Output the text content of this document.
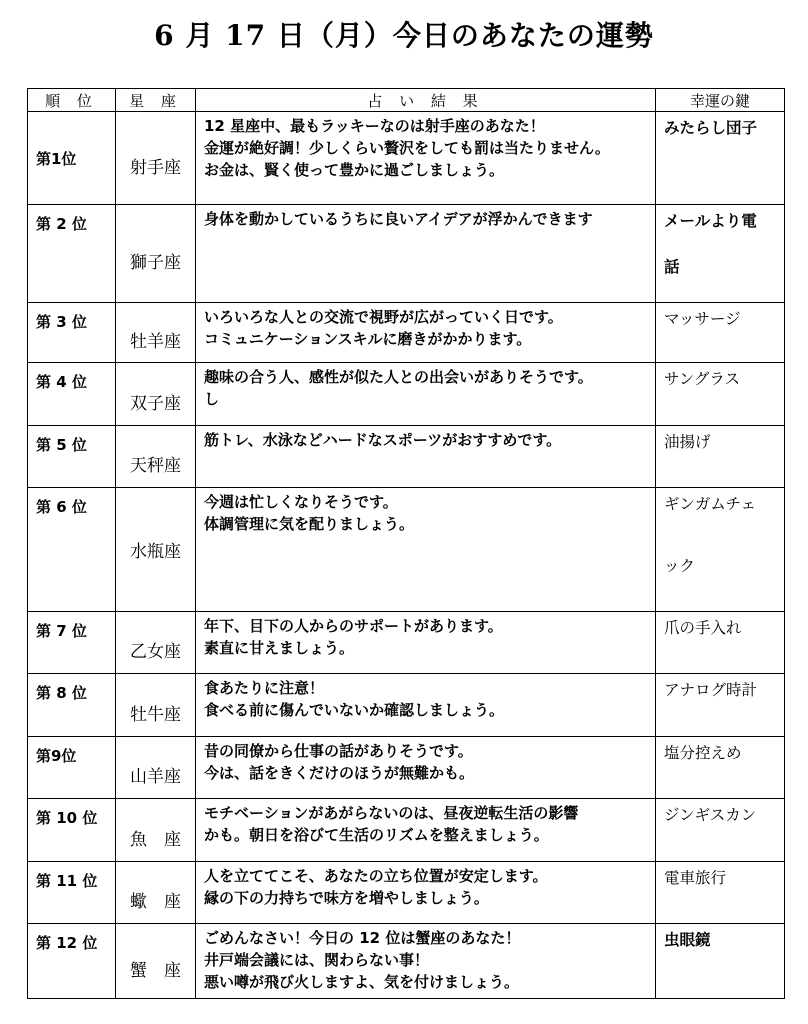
6 月 17 日（月）今日のあなたの運勢
順 位	星 座	占 い 結 果	幸運の鍵
第1位	射手座	12 星座中、最もラッキーなのは射手座のあなた！
金運が絶好調！少しくらい贅沢をしても罰は当たりません。
お金は、賢く使って豊かに過ごしましょう。	みたらし団子
第 2 位	獅子座	身体を動かしているうちに良いアイデアが浮かんできます	メールより電
話

第 3 位	牡羊座	いろいろな人との交流で視野が広がっていく日です。
コミュニケーションスキルに磨きがかかります。	マッサージ
第 4 位	双子座	趣味の合う人、感性が似た人との出会いがありそうです。
し	サングラス
第 5 位	天秤座	筋トレ、水泳などハードなスポーツがおすすめです。	油揚げ
第 6 位	水瓶座	今週は忙しくなりそうです。
体調管理に気を配りましょう。	ギンガムチェ
ック

第 7 位	乙女座	年下、目下の人からのサポートがあります。
素直に甘えましょう。	爪の手入れ
第 8 位	牡牛座	食あたりに注意！
食べる前に傷んでいないか確認しましょう。	アナログ時計
第9位	山羊座	昔の同僚から仕事の話がありそうです。
今は、話をきくだけのほうが無難かも。	塩分控えめ
第 10 位	魚　座	モチベーションがあがらないのは、昼夜逆転生活の影響
かも。朝日を浴びて生活のリズムを整えましょう。	ジンギスカン
第 11 位	蠍　座	人を立ててこそ、あなたの立ち位置が安定します。
縁の下の力持ちで味方を増やしましょう。	電車旅行
第 12 位	蟹　座	ごめんなさい！今日の 12 位は蟹座のあなた！
井戸端会議には、関わらない事！
悪い噂が飛び火しますよ、気を付けましょう。	虫眼鏡
